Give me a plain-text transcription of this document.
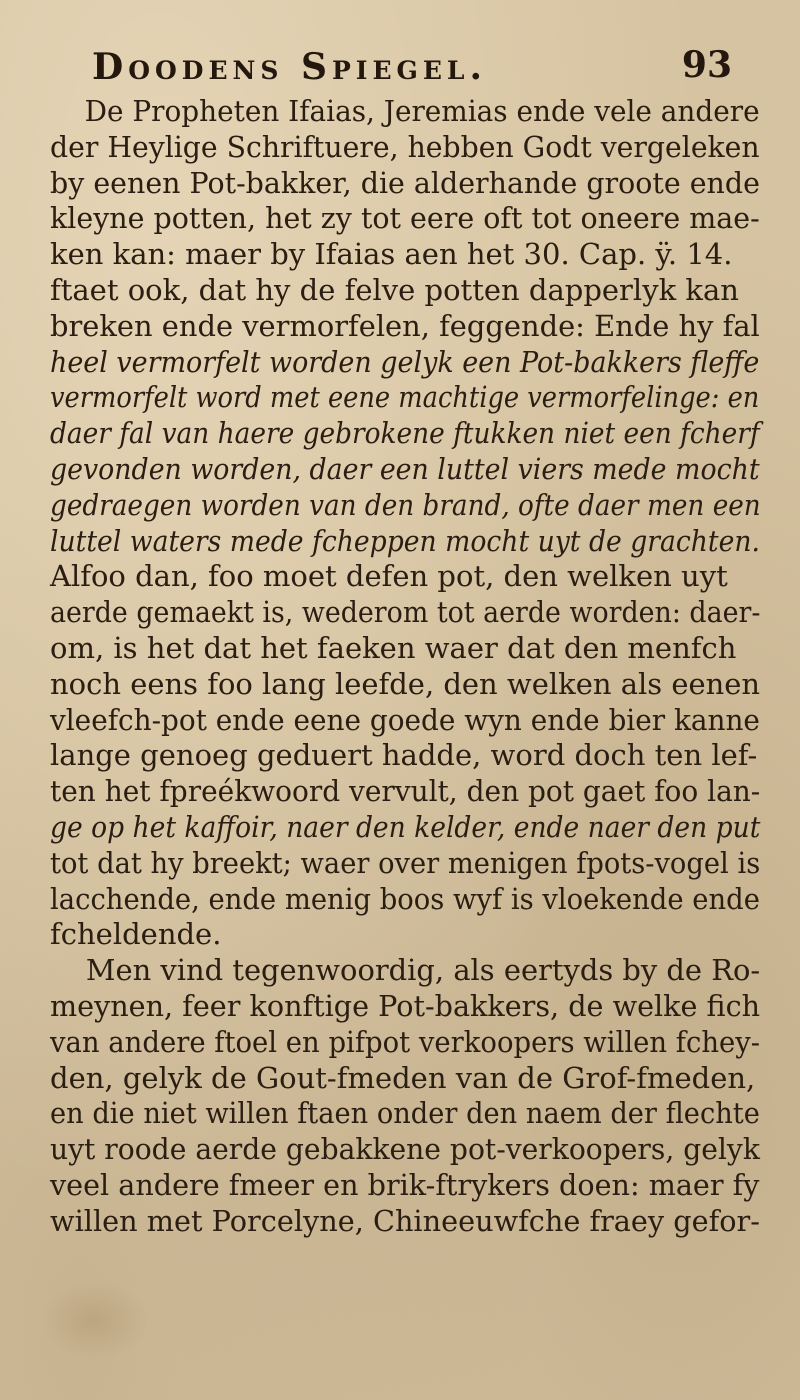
Doodens Spiegel.	93
De Propheten Ifaias, Jeremias ende vele andere
der Heylige Schriftuere, hebben Godt vergeleken
by eenen Pot-bakker, die alderhande groote ende
kleyne potten, het zy tot eere oft tot oneere mae-
ken kan: maer by Ifaias aen het 30. Cap. ÿ. 14.
ftaet ook, dat hy de felve potten dapperlyk kan
breken ende vermorfelen, feggende: Ende hy fal
heel vermorfelt worden gelyk een Pot-bakkers fleffe
vermorfelt word met eene machtige vermorfelinge: en
daer fal van haere gebrokene ftukken niet een fcherf
gevonden worden, daer een luttel viers mede mocht
gedraegen worden van den brand, ofte daer men een
luttel waters mede fcheppen mocht uyt de grachten.
Alfoo dan, foo moet defen pot, den welken uyt
aerde gemaekt is, wederom tot aerde worden: daer-
om, is het dat het faeken waer dat den menfch
noch eens foo lang leefde, den welken als eenen
vleefch-pot ende eene goede wyn ende bier kanne
lange genoeg geduert hadde, word doch ten lef-
ten het fpreékwoord vervult, den pot gaet foo lan-
ge op het kaffoir, naer den kelder, ende naer den put
tot dat hy breekt; waer over menigen fpots-vogel is
lacchende, ende menig boos wyf is vloekende ende
fcheldende.
Men vind tegenwoordig, als eertyds by de Ro-
meynen, feer konftige Pot-bakkers, de welke fich
van andere ftoel en pifpot verkoopers willen fchey-
den, gelyk de Gout-fmeden van de Grof-fmeden,
en die niet willen ftaen onder den naem der flechte
uyt roode aerde gebakkene pot-verkoopers, gelyk
veel andere fmeer en brik-ftrykers doen: maer fy
willen met Porcelyne, Chineeuwfche fraey gefor-
